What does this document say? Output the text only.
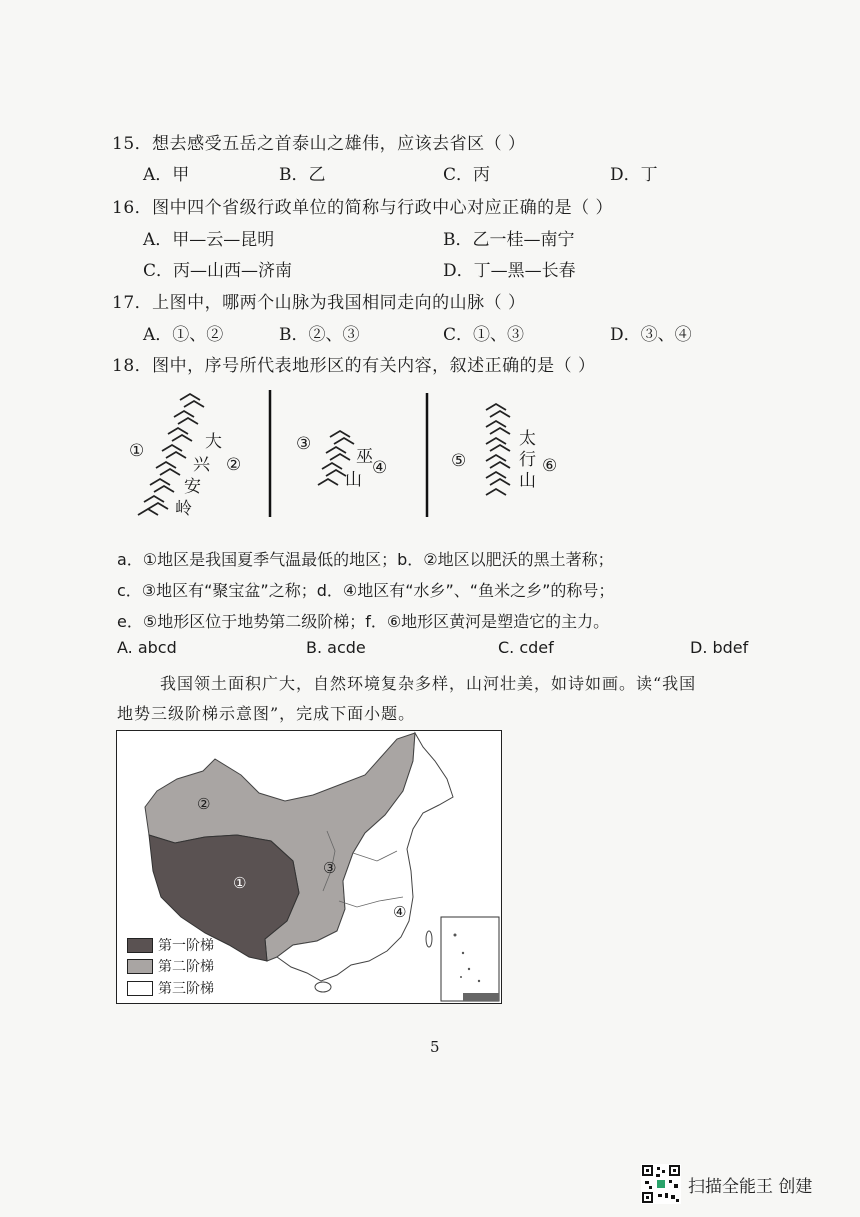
15．想去感受五岳之首泰山之雄伟，应该去省区（ ）
A．甲	B．乙	C．丙	D．丁
16．图中四个省级行政单位的简称与行政中心对应正确的是（ ）
A．甲—云—昆明	B．乙一桂—南宁
C．丙—山西—济南	D．丁—黑—长春
17．上图中，哪两个山脉为我国相同走向的山脉（ ）
A．①、②	B．②、③	C．①、③	D．③、④
18．图中，序号所代表地形区的有关内容，叙述正确的是（ ）
①
②
大
兴
安
岭
③
④
巫
山
⑤	⑥
太
行
山
a．①地区是我国夏季气温最低的地区；b．②地区以肥沃的黑土著称；
c．③地区有“聚宝盆”之称；d．④地区有“水乡”、“鱼米之乡”的称号；
e．⑤地形区位于地势第二级阶梯；f．⑥地形区黄河是塑造它的主力。
A. abcd	B. acde	C. cdef	D. bdef
我国领土面积广大，自然环境复杂多样，山河壮美，如诗如画。读“我国
地势三级阶梯示意图”，完成下面小题。
②
①
③
④
第一阶梯
第二阶梯
第三阶梯
5
扫描全能王 创建
